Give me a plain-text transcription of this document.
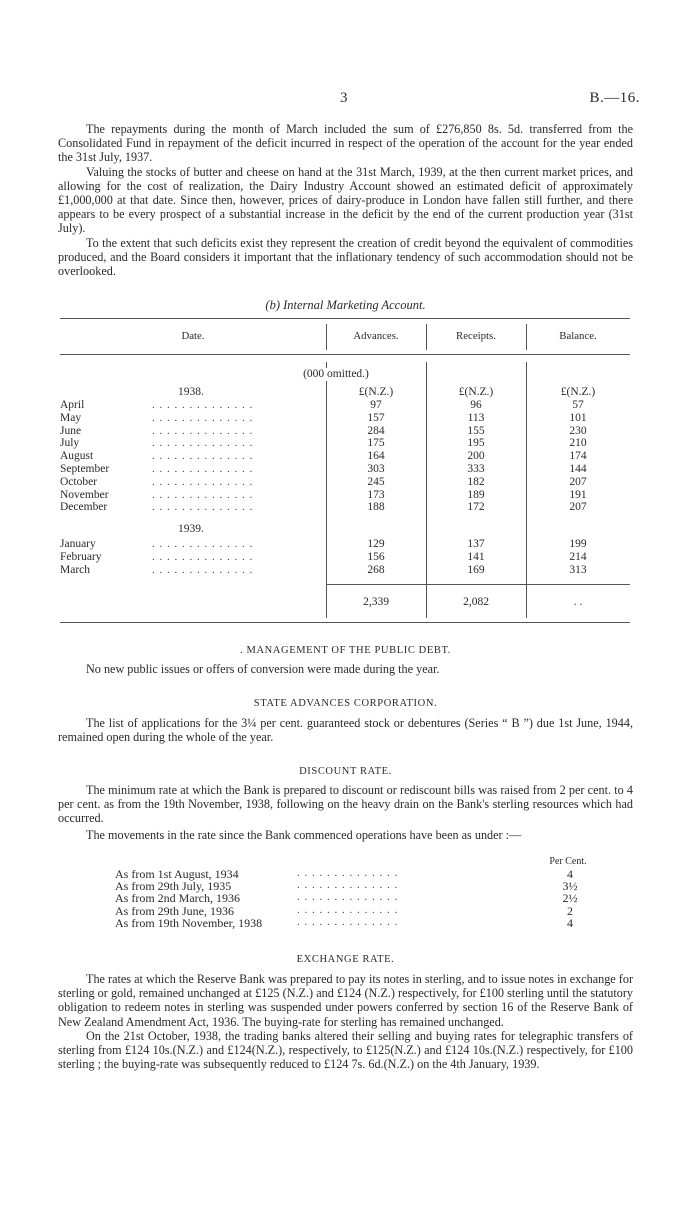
3	B.—16.

The repayments during the month of March included the sum of £276,850 8s. 5d. transferred from the Consolidated Fund in repayment of the deficit incurred in respect of the operation of the account for the year ended the 31st July, 1937.

Valuing the stocks of butter and cheese on hand at the 31st March, 1939, at the then current market prices, and allowing for the cost of realization, the Dairy Industry Account showed an estimated deficit of approximately £1,000,000 at that date. Since then, however, prices of dairy-produce in London have fallen still further, and there appears to be every prospect of a substantial increase in the deficit by the end of the current production year (31st July).

To the extent that such deficits exist they represent the creation of credit beyond the equivalent of commodities produced, and the Board considers it important that the inflationary tendency of such accommodation should not be overlooked.

(b) Internal Marketing Account.
Date.	Advances.	Receipts.	Balance.
(000 omitted.)
1938.	£(N.Z.)	£(N.Z.)	£(N.Z.)
April	. . . . . . . . . . . . . .	97	96	57
May	. . . . . . . . . . . . . .	157	113	101
June	. . . . . . . . . . . . . .	284	155	230
July	. . . . . . . . . . . . . .	175	195	210
August	. . . . . . . . . . . . . .	164	200	174
September	. . . . . . . . . . . . . .	303	333	144
October	. . . . . . . . . . . . . .	245	182	207
November	. . . . . . . . . . . . . .	173	189	191
December	. . . . . . . . . . . . . .	188	172	207
1939.
January	. . . . . . . . . . . . . .	129	137	199
February	. . . . . . . . . . . . . .	156	141	214
March	. . . . . . . . . . . . . .	268	169	313
2,339	2,082	. .
. MANAGEMENT OF THE PUBLIC DEBT.

No new public issues or offers of conversion were made during the year.

STATE ADVANCES CORPORATION.

The list of applications for the 3¼ per cent. guaranteed stock or debentures (Series “ B ”) due 1st June, 1944, remained open during the whole of the year.

DISCOUNT RATE.

The minimum rate at which the Bank is prepared to discount or rediscount bills was raised from 2 per cent. to 4 per cent. as from the 19th November, 1938, following on the heavy drain on the Bank's sterling resources which had occurred.

The movements in the rate since the Bank commenced operations have been as under :—

Per Cent.
As from 1st August, 1934	. . . . . . . . . . . . . .	4
As from 29th July, 1935	. . . . . . . . . . . . . .	3½
As from 2nd March, 1936	. . . . . . . . . . . . . .	2½
As from 29th June, 1936	. . . . . . . . . . . . . .	2
As from 19th November, 1938	. . . . . . . . . . . . . .	4
EXCHANGE RATE.

The rates at which the Reserve Bank was prepared to pay its notes in sterling, and to issue notes in exchange for sterling or gold, remained unchanged at £125 (N.Z.) and £124 (N.Z.) respectively, for £100 sterling until the statutory obligation to redeem notes in sterling was suspended under powers conferred by section 16 of the Reserve Bank of New Zealand Amendment Act, 1936. The buying-rate for sterling has remained unchanged.

On the 21st October, 1938, the trading banks altered their selling and buying rates for telegraphic transfers of sterling from £124 10s.(N.Z.) and £124(N.Z.), respectively, to £125(N.Z.) and £124 10s.(N.Z.) respectively, for £100 sterling ; the buying-rate was subsequently reduced to £124 7s. 6d.(N.Z.) on the 4th January, 1939.
